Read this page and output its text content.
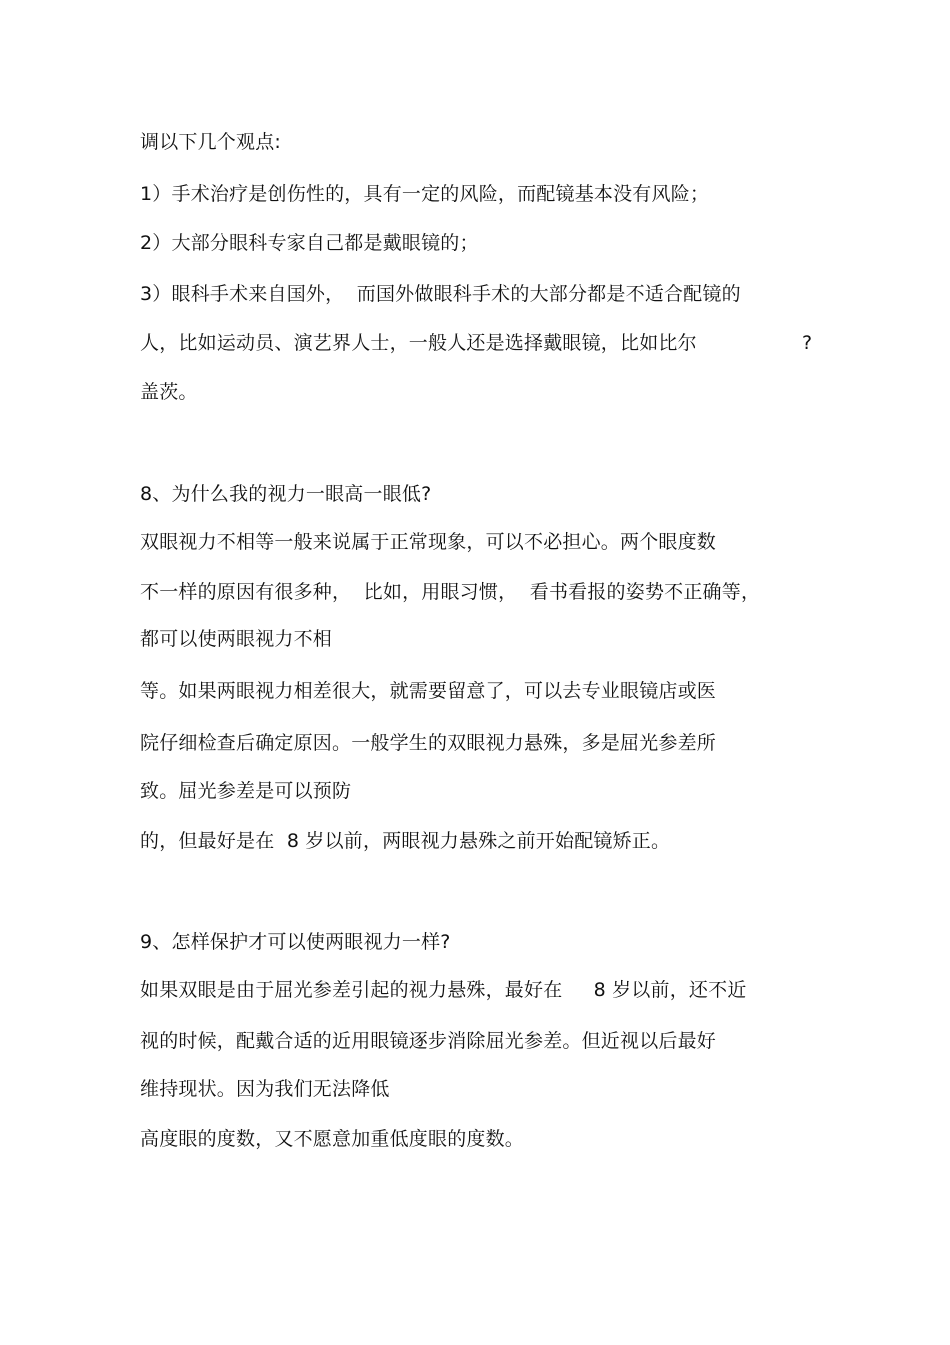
调以下几个观点:
1）手术治疗是创伤性的，具有一定的风险，而配镜基本没有风险；
2）大部分眼科专家自己都是戴眼镜的；
3）眼科手术来自国外，  而国外做眼科手术的大部分都是不适合配镜的
人，比如运动员、演艺界人士，一般人还是选择戴眼镜，比如比尔	?
盖茨。
8、为什么我的视力一眼高一眼低?
双眼视力不相等一般来说属于正常现象，可以不必担心。两个眼度数
不一样的原因有很多种，  比如，用眼习惯，  看书看报的姿势不正确等，
都可以使两眼视力不相
等。如果两眼视力相差很大，就需要留意了，可以去专业眼镜店或医
院仔细检查后确定原因。一般学生的双眼视力悬殊，多是屈光参差所
致。屈光参差是可以预防
的，但最好是在  8 岁以前，两眼视力悬殊之前开始配镜矫正。
9、怎样保护才可以使两眼视力一样?
如果双眼是由于屈光参差引起的视力悬殊，最好在     8 岁以前，还不近
视的时候，配戴合适的近用眼镜逐步消除屈光参差。但近视以后最好
维持现状。因为我们无法降低
高度眼的度数，又不愿意加重低度眼的度数。
